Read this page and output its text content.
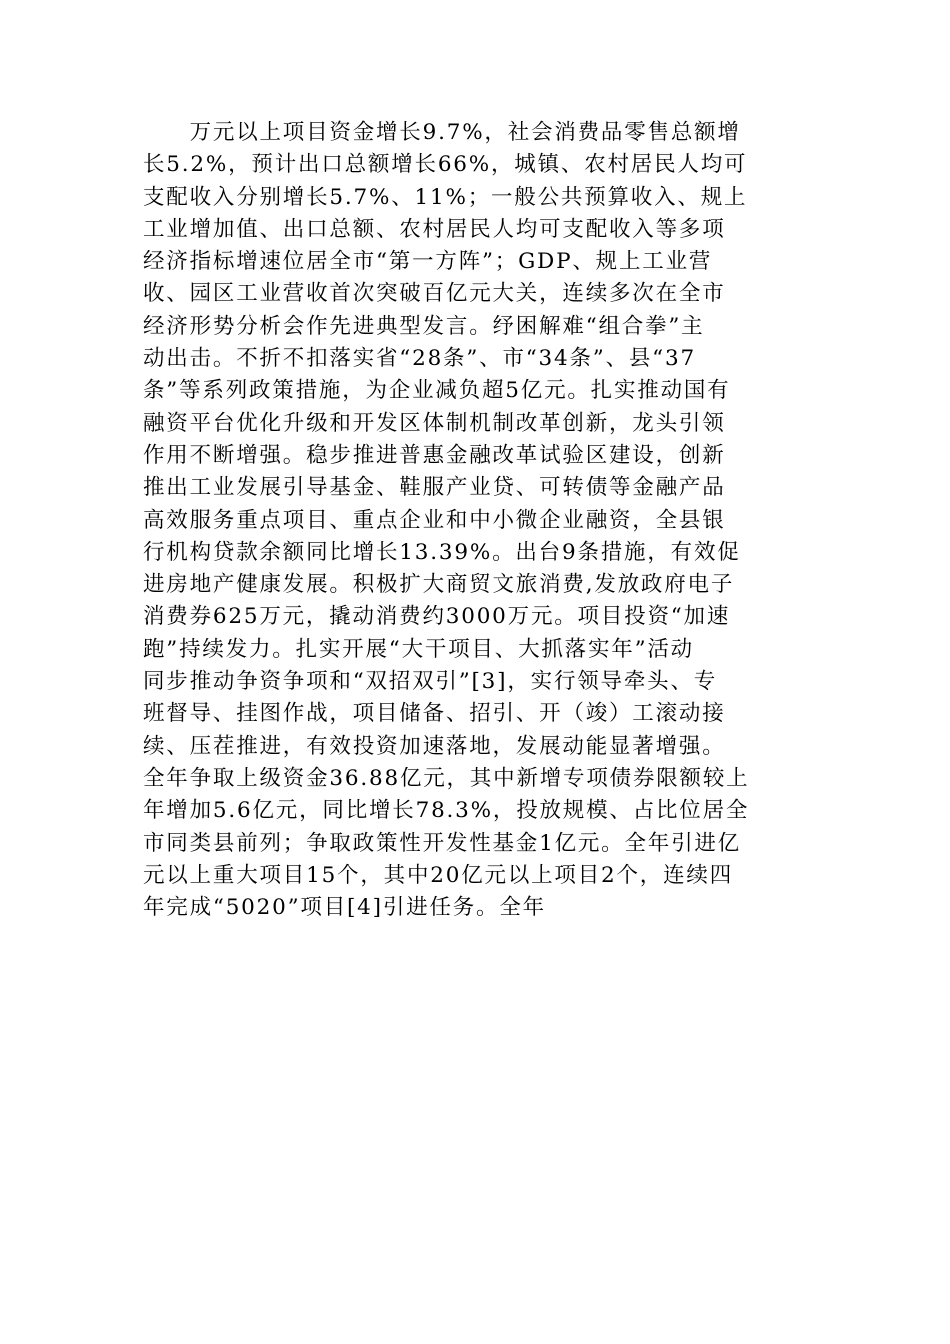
　　万元以上项目资金增长9.7%，社会消费品零售总额增
长5.2%，预计出口总额增长66%，城镇、农村居民人均可
支配收入分别增长5.7%、11%；一般公共预算收入、规上
工业增加值、出口总额、农村居民人均可支配收入等多项
经济指标增速位居全市“第一方阵”；GDP、规上工业营
收、园区工业营收首次突破百亿元大关，连续多次在全市
经济形势分析会作先进典型发言。纾困解难“组合拳”主
动出击。不折不扣落实省“28条”、市“34条”、县“37
条”等系列政策措施，为企业减负超5亿元。扎实推动国有
融资平台优化升级和开发区体制机制改革创新，龙头引领
作用不断增强。稳步推进普惠金融改革试验区建设，创新
推出工业发展引导基金、鞋服产业贷、可转债等金融产品
高效服务重点项目、重点企业和中小微企业融资，全县银
行机构贷款余额同比增长13.39%。出台9条措施，有效促
进房地产健康发展。积极扩大商贸文旅消费,发放政府电子
消费券625万元，撬动消费约3000万元。项目投资“加速
跑”持续发力。扎实开展“大干项目、大抓落实年”活动
同步推动争资争项和“双招双引”[3]，实行领导牵头、专
班督导、挂图作战，项目储备、招引、开（竣）工滚动接
续、压茬推进，有效投资加速落地，发展动能显著增强。
全年争取上级资金36.88亿元，其中新增专项债券限额较上
年增加5.6亿元，同比增长78.3%，投放规模、占比位居全
市同类县前列；争取政策性开发性基金1亿元。全年引进亿
元以上重大项目15个，其中20亿元以上项目2个，连续四
年完成“5020”项目[4]引进任务。全年
